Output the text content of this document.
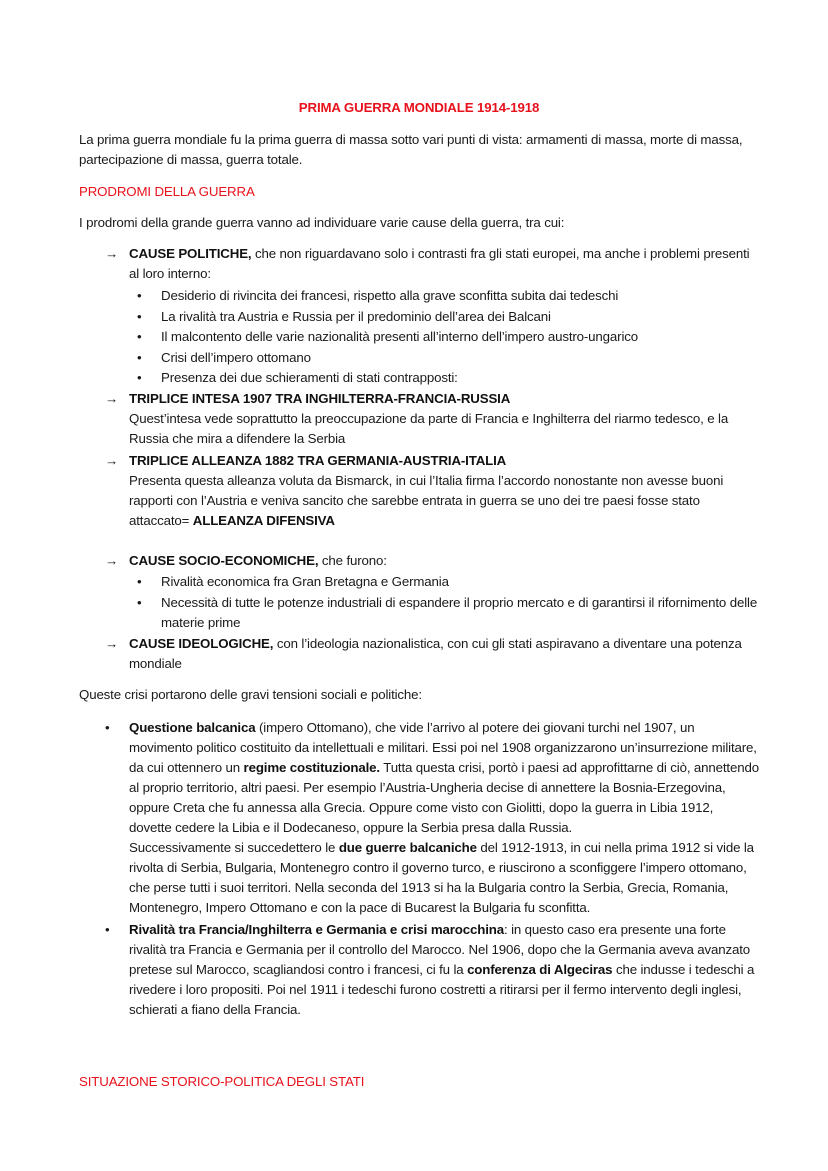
PRIMA GUERRA MONDIALE 1914-1918
La prima guerra mondiale fu la prima guerra di massa sotto vari punti di vista: armamenti di massa, morte di massa, partecipazione di massa, guerra totale.
PRODROMI DELLA GUERRA
I prodromi della grande guerra vanno ad individuare varie cause della guerra, tra cui:
→ CAUSE POLITICHE, che non riguardavano solo i contrasti fra gli stati europei, ma anche i problemi presenti al loro interno:
• Desiderio di rivincita dei francesi, rispetto alla grave sconfitta subita dai tedeschi
• La rivalità tra Austria e Russia per il predominio dell’area dei Balcani
• Il malcontento delle varie nazionalità presenti all’interno dell’impero austro-ungarico
• Crisi dell’impero ottomano
• Presenza dei due schieramenti di stati contrapposti:
→ TRIPLICE INTESA 1907 TRA INGHILTERRA-FRANCIA-RUSSIA
Quest’intesa vede soprattutto la preoccupazione da parte di Francia e Inghilterra del riarmo tedesco, e la Russia che mira a difendere la Serbia
→ TRIPLICE ALLEANZA 1882 TRA GERMANIA-AUSTRIA-ITALIA
Presenta questa alleanza voluta da Bismarck, in cui l’Italia firma l’accordo nonostante non avesse buoni rapporti con l’Austria e veniva sancito che sarebbe entrata in guerra se uno dei tre paesi fosse stato attaccato= ALLEANZA DIFENSIVA
→ CAUSE SOCIO-ECONOMICHE, che furono:
• Rivalità economica fra Gran Bretagna e Germania
• Necessità di tutte le potenze industriali di espandere il proprio mercato e di garantirsi il rifornimento delle materie prime
→ CAUSE IDEOLOGICHE, con l’ideologia nazionalistica, con cui gli stati aspiravano a diventare una potenza mondiale
Queste crisi portarono delle gravi tensioni sociali e politiche:
• Questione balcanica (impero Ottomano), che vide l’arrivo al potere dei giovani turchi nel 1907, un movimento politico costituito da intellettuali e militari. Essi poi nel 1908 organizzarono un’insurrezione militare, da cui ottennero un regime costituzionale. Tutta questa crisi, portò i paesi ad approfittarne di ciò, annettendo al proprio territorio, altri paesi. Per esempio l’Austria-Ungheria decise di annettere la Bosnia-Erzegovina, oppure Creta che fu annessa alla Grecia. Oppure come visto con Giolitti, dopo la guerra in Libia 1912, dovette cedere la Libia e il Dodecaneso, oppure la Serbia presa dalla Russia.
Successivamente si succedettero le due guerre balcaniche del 1912-1913, in cui nella prima 1912 si vide la rivolta di Serbia, Bulgaria, Montenegro contro il governo turco, e riuscirono a sconfiggere l’impero ottomano, che perse tutti i suoi territori. Nella seconda del 1913 si ha la Bulgaria contro la Serbia, Grecia, Romania, Montenegro, Impero Ottomano e con la pace di Bucarest la Bulgaria fu sconfitta.
• Rivalità tra Francia/Inghilterra e Germania e crisi marocchina: in questo caso era presente una forte rivalità tra Francia e Germania per il controllo del Marocco. Nel 1906, dopo che la Germania aveva avanzato pretese sul Marocco, scagliandosi contro i francesi, ci fu la conferenza di Algeciras che indusse i tedeschi a rivedere i loro propositi. Poi nel 1911 i tedeschi furono costretti a ritirarsi per il fermo intervento degli inglesi, schierati a fiano della Francia.
SITUAZIONE STORICO-POLITICA DEGLI STATI
